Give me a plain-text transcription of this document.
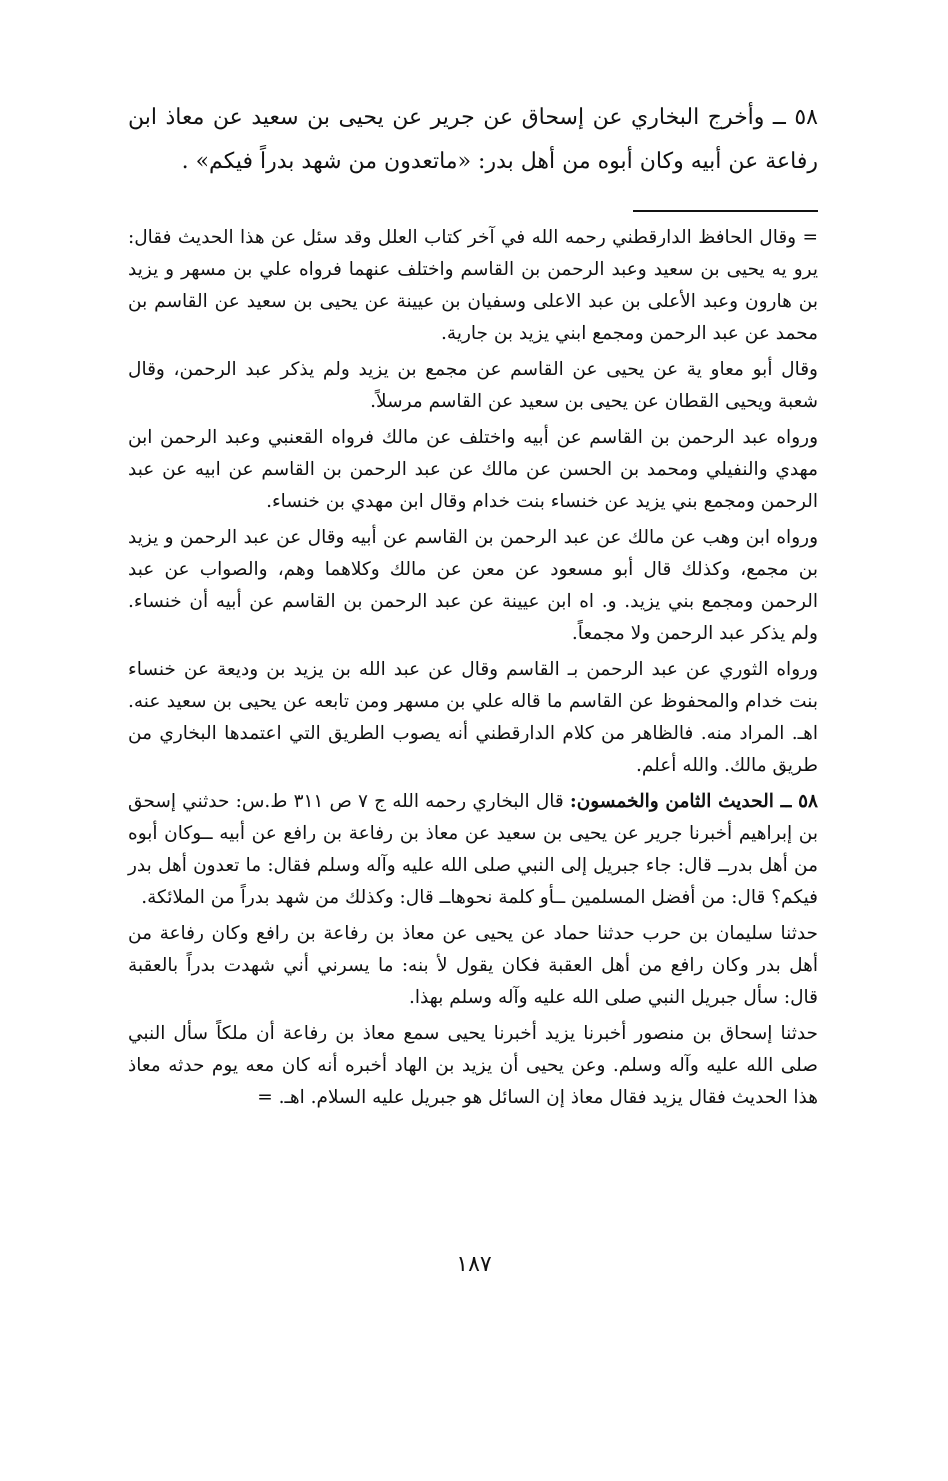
٥٨ ــ وأخرج البخاري عن إسحاق عن جرير عن يحيى بن سعيد عن معاذ ابن رفاعة عن أبيه وكان أبوه من أهل بدر: «ماتعدون من شهد بدراً فيكم» .

= وقال الحافظ الدارقطني رحمه الله في آخر كتاب العلل وقد سئل عن هذا الحديث فقال: يرو يه يحيى بن سعيد وعبد الرحمن بن القاسم واختلف عنهما فرواه علي بن مسهر و يزيد بن هارون وعبد الأعلى بن عبد الاعلى وسفيان بن عيينة عن يحيى بن سعيد عن القاسم بن محمد عن عبد الرحمن ومجمع ابني يزيد بن جارية.

وقال أبو معاو ية عن يحيى عن القاسم عن مجمع بن يزيد ولم يذكر عبد الرحمن، وقال شعبة ويحيى القطان عن يحيى بن سعيد عن القاسم مرسلاً.

ورواه عبد الرحمن بن القاسم عن أبيه واختلف عن مالك فرواه القعنبي وعبد الرحمن ابن مهدي والنفيلي ومحمد بن الحسن عن مالك عن عبد الرحمن بن القاسم عن ابيه عن عبد الرحمن ومجمع بني يزيد عن خنساء بنت خدام وقال ابن مهدي بن خنساء.

ورواه ابن وهب عن مالك عن عبد الرحمن بن القاسم عن أبيه وقال عن عبد الرحمن و يزيد بن مجمع، وكذلك قال أبو مسعود عن معن عن مالك وكلاهما وهم، والصواب عن عبد الرحمن ومجمع بني يزيد. و. اه ابن عيينة عن عبد الرحمن بن القاسم عن أبيه أن خنساء. ولم يذكر عبد الرحمن ولا مجمعاً.

ورواه الثوري عن عبد الرحمن بـ القاسم وقال عن عبد الله بن يزيد بن وديعة عن خنساء بنت خدام والمحفوظ عن القاسم ما قاله علي بن مسهر ومن تابعه عن يحيى بن سعيد عنه. اهـ. المراد منه. فالظاهر من كلام الدارقطني أنه يصوب الطريق التي اعتمدها البخاري من طريق مالك. والله أعلم.

٥٨ ــ الحديث الثامن والخمسون: قال البخاري رحمه الله ج ٧ ص ٣١١ ط.س: حدثني إسحق بن إبراهيم أخبرنا جرير عن يحيى بن سعيد عن معاذ بن رفاعة بن رافع عن أبيه ــوكان أبوه من أهل بدرــ قال: جاء جبريل إلى النبي صلى الله عليه وآله وسلم فقال: ما تعدون أهل بدر فيكم؟ قال: من أفضل المسلمين ــأو كلمة نحوهاــ قال: وكذلك من شهد بدراً من الملائكة.

حدثنا سليمان بن حرب حدثنا حماد عن يحيى عن معاذ بن رفاعة بن رافع وكان رفاعة من أهل بدر وكان رافع من أهل العقبة فكان يقول لأ بنه: ما يسرني أني شهدت بدراً بالعقبة قال: سأل جبريل النبي صلى الله عليه وآله وسلم بهذا.

حدثنا إسحاق بن منصور أخبرنا يزيد أخبرنا يحيى سمع معاذ بن رفاعة أن ملكاً سأل النبي صلى الله عليه وآله وسلم. وعن يحيى أن يزيد بن الهاد أخبره أنه كان معه يوم حدثه معاذ هذا الحديث فقال يزيد فقال معاذ إن السائل هو جبريل عليه السلام. اهـ. =

١٨٧
